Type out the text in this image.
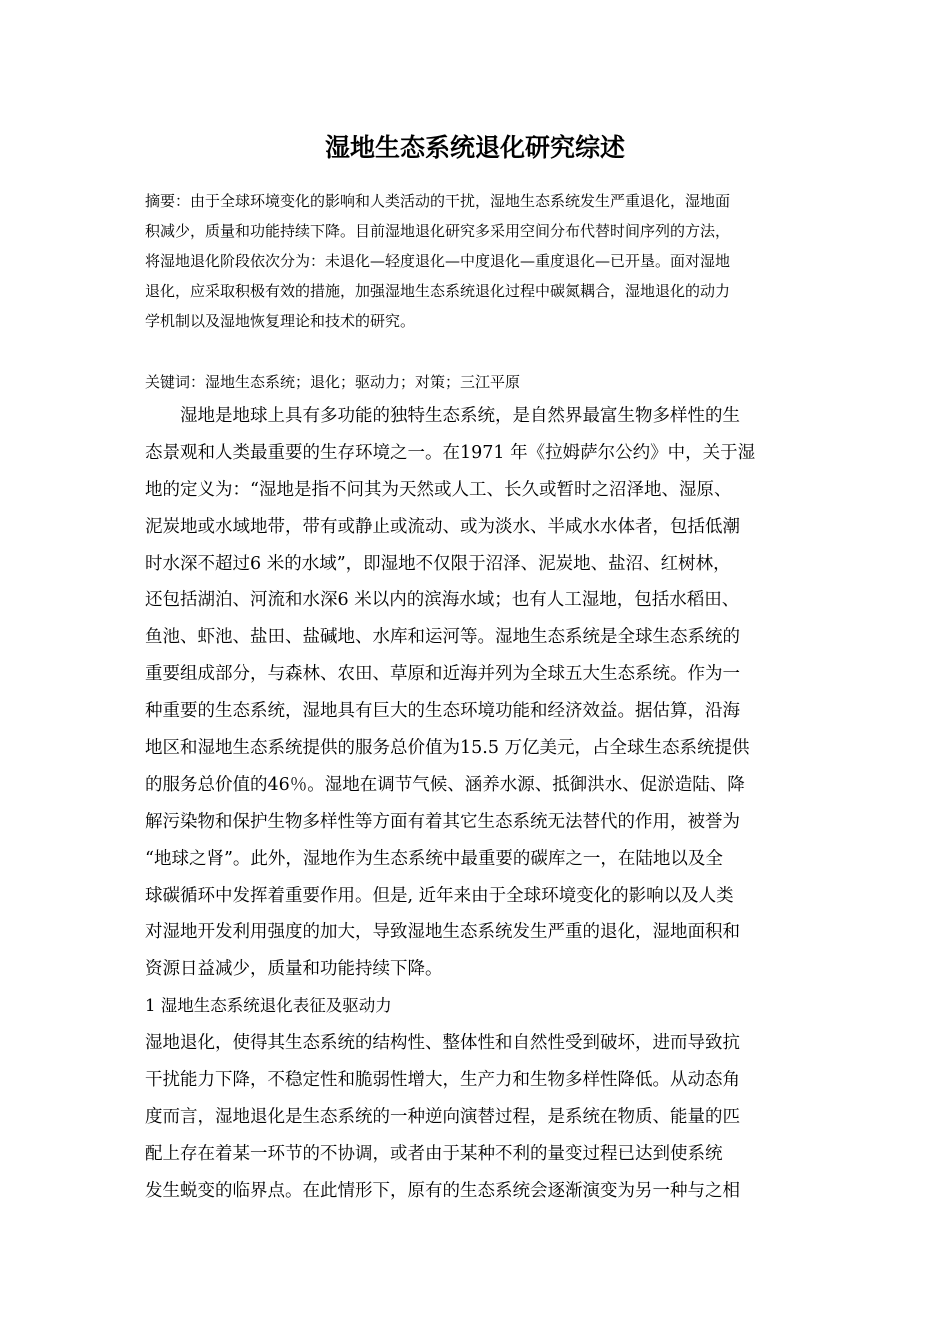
湿地生态系统退化研究综述
摘要：由于全球环境变化的影响和人类活动的干扰，湿地生态系统发生严重退化，湿地面
积减少，质量和功能持续下降。目前湿地退化研究多采用空间分布代替时间序列的方法，
将湿地退化阶段依次分为：未退化—轻度退化—中度退化—重度退化—已开垦。面对湿地
退化，应采取积极有效的措施，加强湿地生态系统退化过程中碳氮耦合，湿地退化的动力
学机制以及湿地恢复理论和技术的研究。
关键词：湿地生态系统；退化；驱动力；对策；三江平原
　　湿地是地球上具有多功能的独特生态系统，是自然界最富生物多样性的生
态景观和人类最重要的生存环境之一。在1971 年《拉姆萨尔公约》中，关于湿
地的定义为：“湿地是指不问其为天然或人工、长久或暂时之沼泽地、湿原、
泥炭地或水域地带，带有或静止或流动、或为淡水、半咸水水体者，包括低潮
时水深不超过6 米的水域”，即湿地不仅限于沼泽、泥炭地、盐沼、红树林，
还包括湖泊、河流和水深6 米以内的滨海水域；也有人工湿地，包括水稻田、
鱼池、虾池、盐田、盐碱地、水库和运河等。湿地生态系统是全球生态系统的
重要组成部分，与森林、农田、草原和近海并列为全球五大生态系统。作为一
种重要的生态系统，湿地具有巨大的生态环境功能和经济效益。据估算，沿海
地区和湿地生态系统提供的服务总价值为15.5 万亿美元，占全球生态系统提供
的服务总价值的46％。湿地在调节气候、涵养水源、抵御洪水、促淤造陆、降
解污染物和保护生物多样性等方面有着其它生态系统无法替代的作用，被誉为
“地球之肾”。此外，湿地作为生态系统中最重要的碳库之一，在陆地以及全
球碳循环中发挥着重要作用。但是, 近年来由于全球环境变化的影响以及人类
对湿地开发利用强度的加大，导致湿地生态系统发生严重的退化，湿地面积和
资源日益减少，质量和功能持续下降。
1 湿地生态系统退化表征及驱动力
湿地退化，使得其生态系统的结构性、整体性和自然性受到破坏，进而导致抗
干扰能力下降，不稳定性和脆弱性增大，生产力和生物多样性降低。从动态角
度而言，湿地退化是生态系统的一种逆向演替过程，是系统在物质、能量的匹
配上存在着某一环节的不协调，或者由于某种不利的量变过程已达到使系统
发生蜕变的临界点。在此情形下，原有的生态系统会逐渐演变为另一种与之相
